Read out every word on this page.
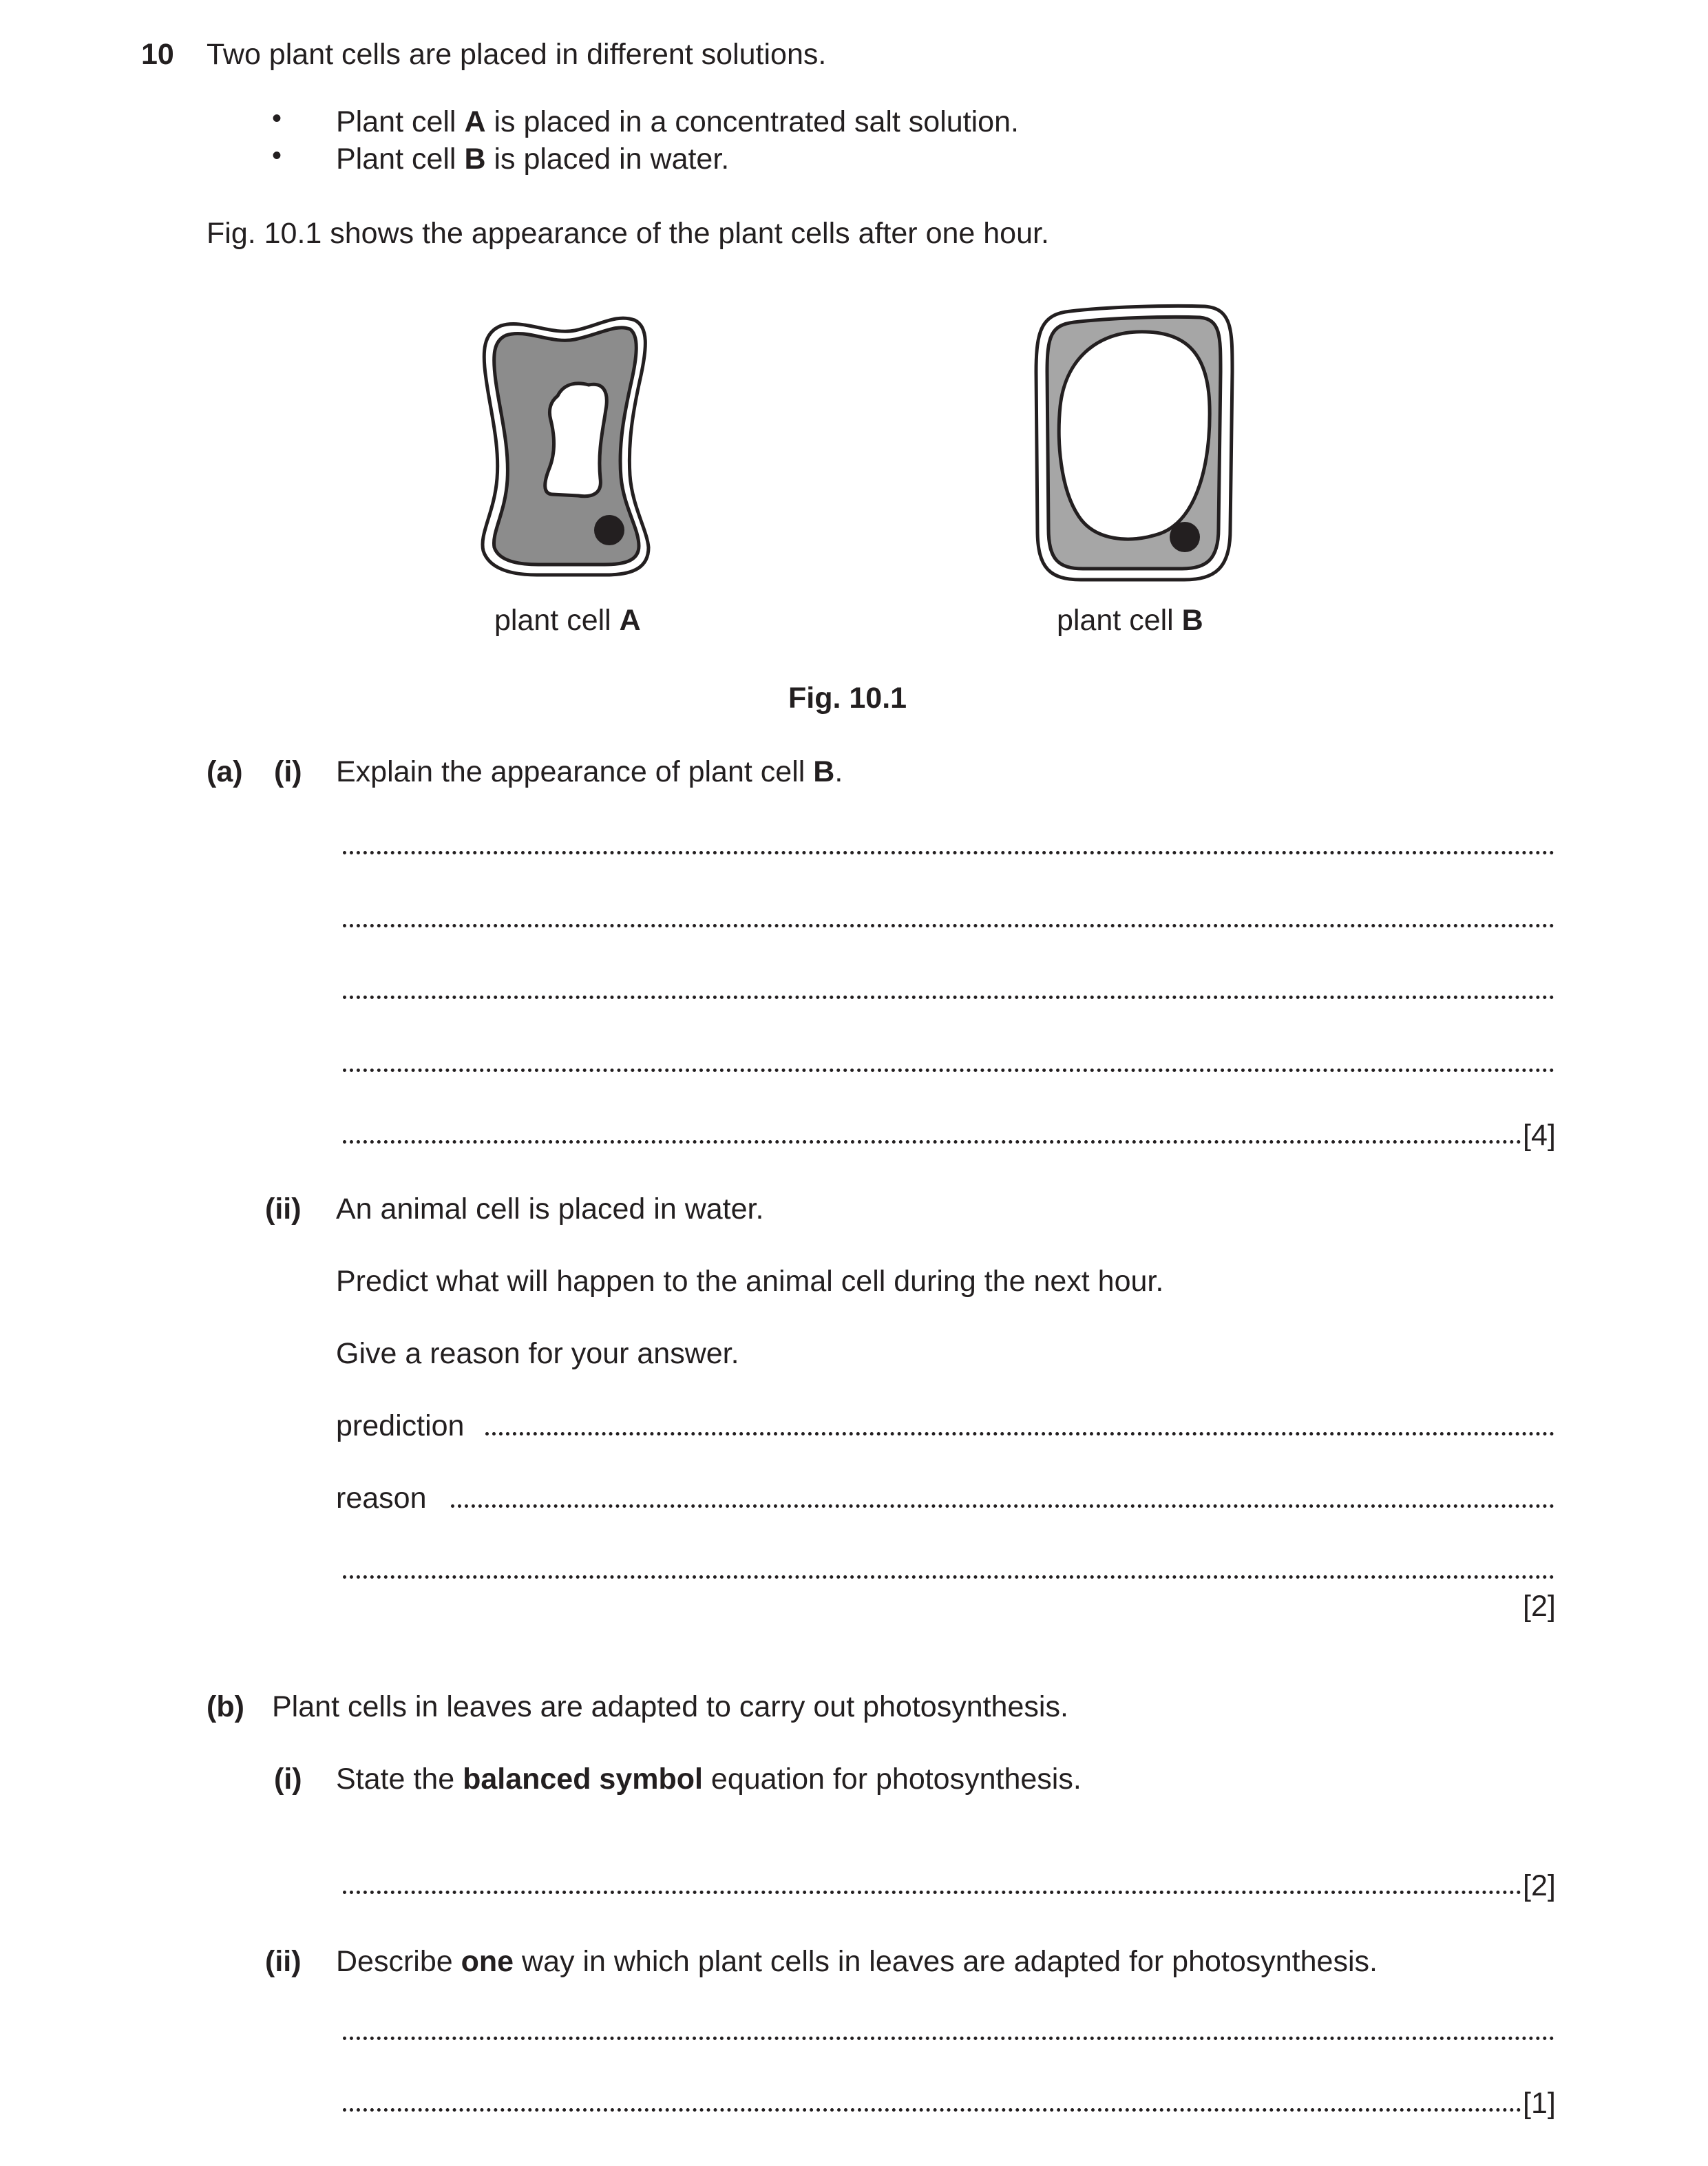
10 Two plant cells are placed in different solutions.
• Plant cell A is placed in a concentrated salt solution.
• Plant cell B is placed in water.
Fig. 10.1 shows the appearance of the plant cells after one hour.
plant cell A	plant cell B
Fig. 10.1
(a) (i) Explain the appearance of plant cell B.
[4]
(ii) An animal cell is placed in water.
Predict what will happen to the animal cell during the next hour.
Give a reason for your answer.
prediction
reason
[2]
(b) Plant cells in leaves are adapted to carry out photosynthesis.
(i) State the balanced symbol equation for photosynthesis.
[2]
(ii) Describe one way in which plant cells in leaves are adapted for photosynthesis.
[1]
